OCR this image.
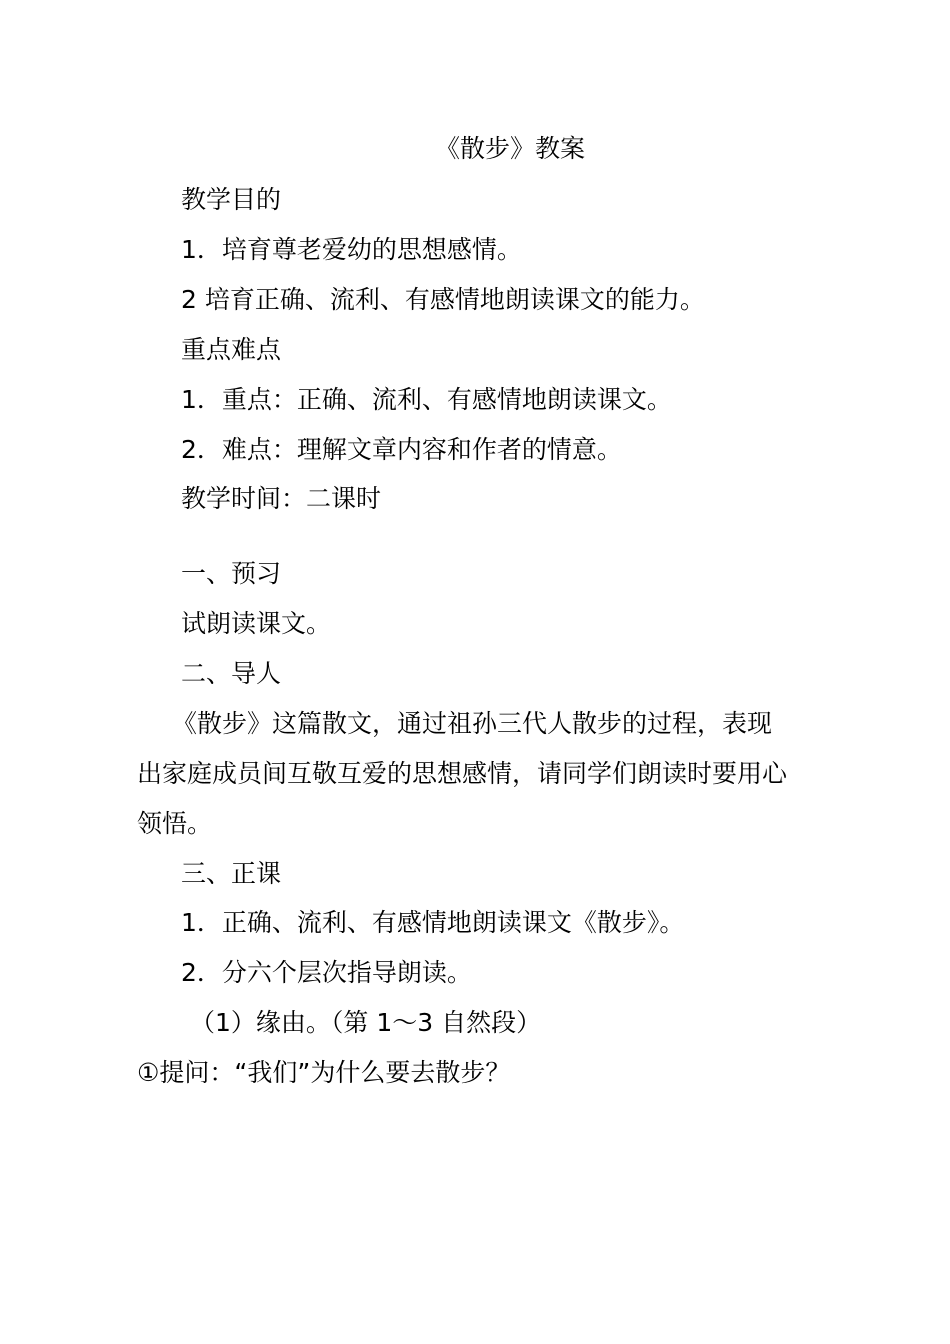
《散步》教案
教学目的
1．培育尊老爱幼的思想感情。
2 培育正确、流利、有感情地朗读课文的能力。
重点难点
1．重点：正确、流利、有感情地朗读课文。
2．难点：理解文章内容和作者的情意。
教学时间：二课时
一、预习
试朗读课文。
二、导人
《散步》这篇散文，通过祖孙三代人散步的过程，表现
出家庭成员间互敬互爱的思想感情，请同学们朗读时要用心
领悟。
三、正课
1．正确、流利、有感情地朗读课文《散步》。
2．分六个层次指导朗读。
（1）缘由。（第 1～3 自然段）
①提问：“我们”为什么要去散步？
